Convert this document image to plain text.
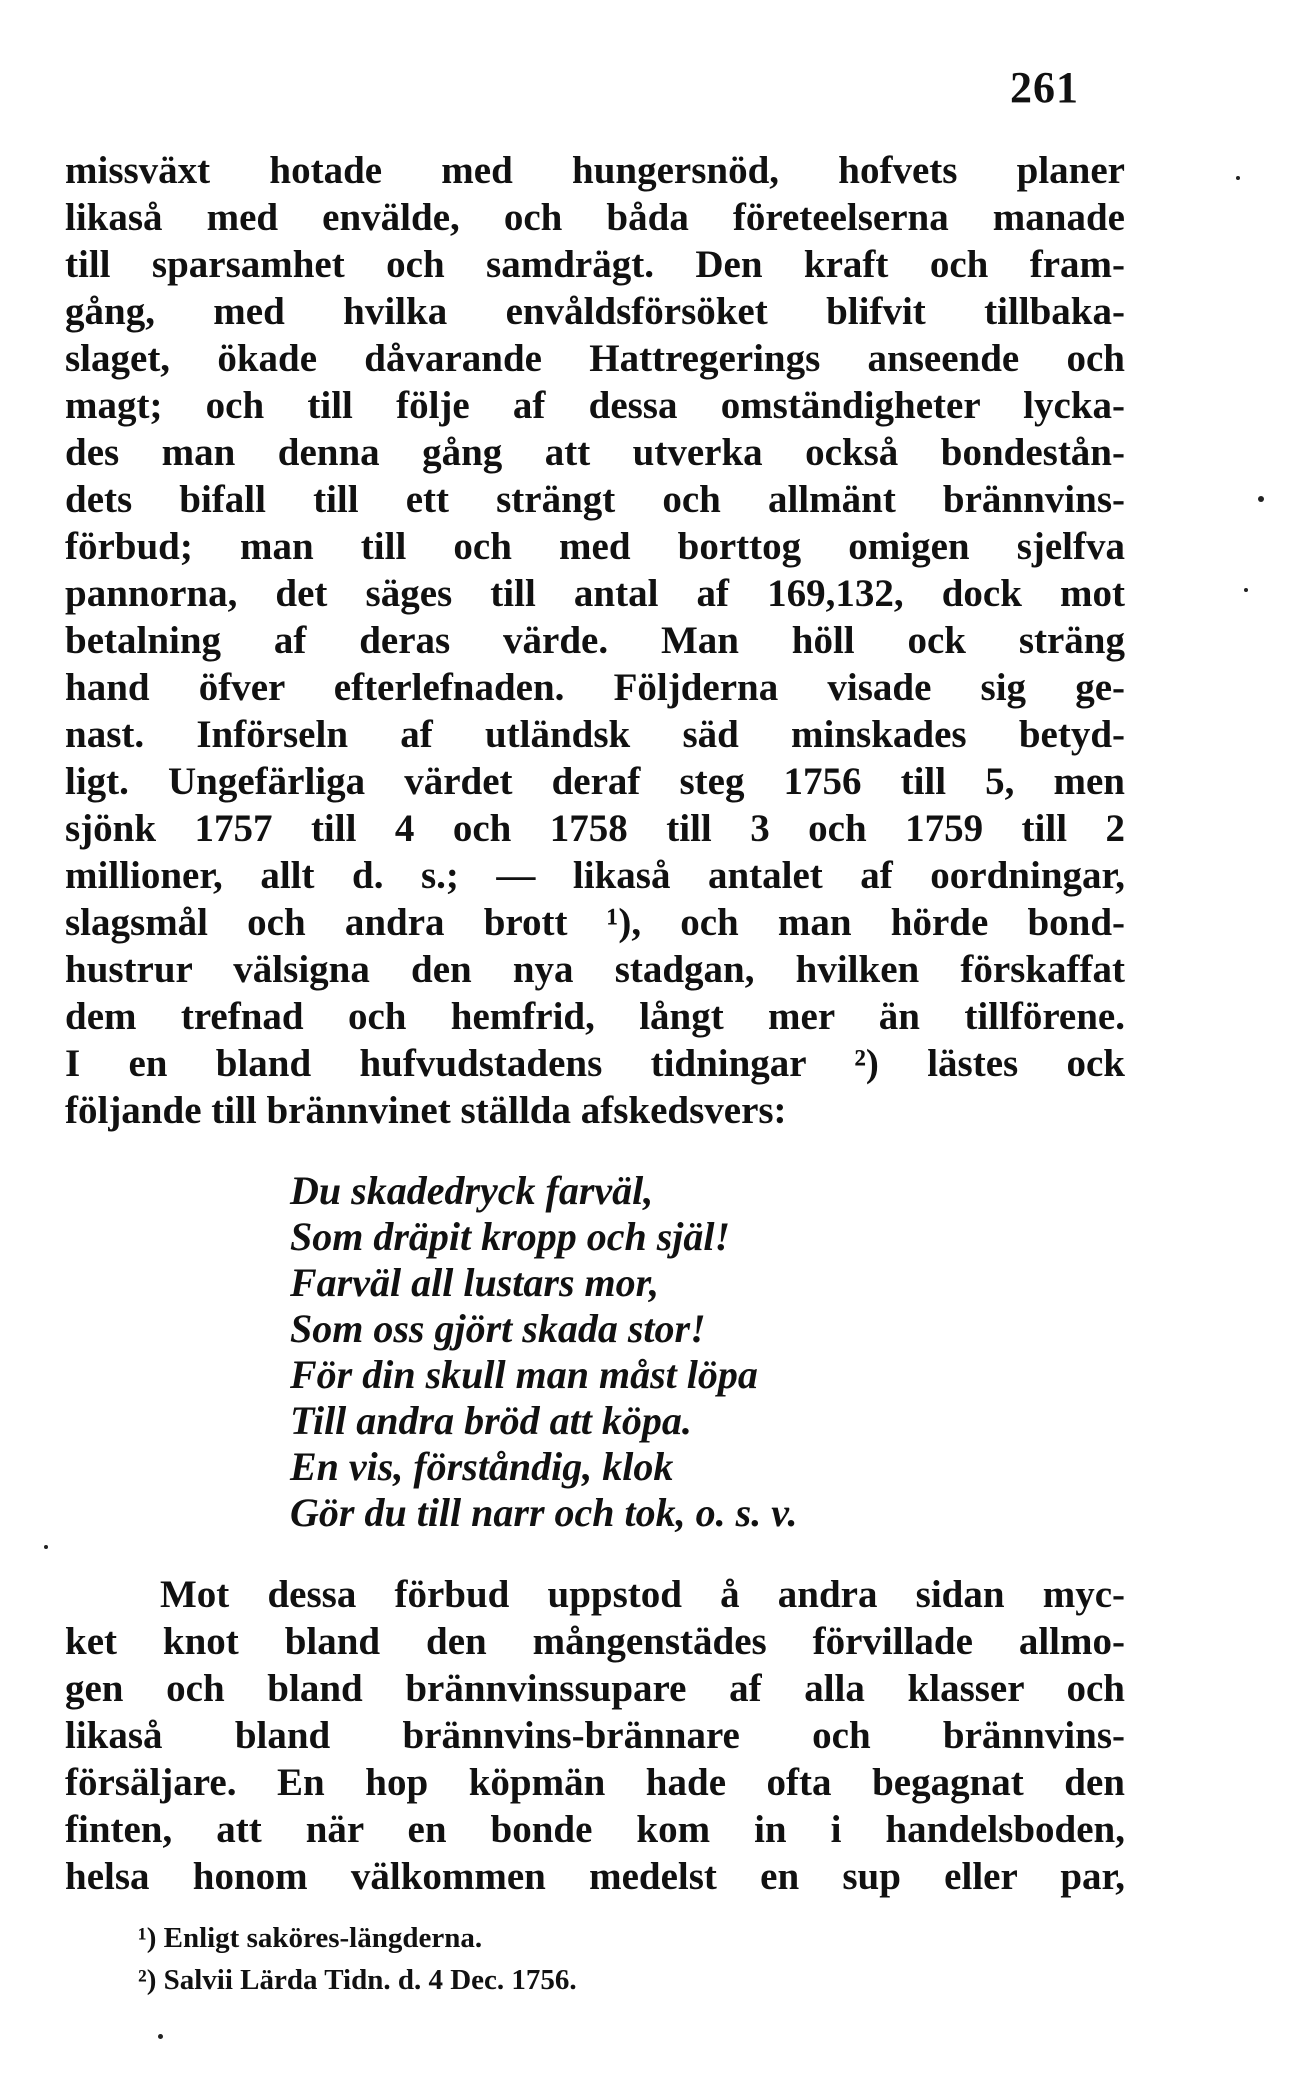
261
missväxt hotade med hungersnöd, hofvets planer
likaså med envälde, och båda företeelserna manade
till sparsamhet och samdrägt. Den kraft och fram-
gång, med hvilka envåldsförsöket blifvit tillbaka-
slaget, ökade dåvarande Hattregerings anseende och
magt; och till följe af dessa omständigheter lycka-
des man denna gång att utverka också bondestån-
dets bifall till ett strängt och allmänt brännvins-
förbud; man till och med borttog omigen sjelfva
pannorna, det säges till antal af 169,132, dock mot
betalning af deras värde. Man höll ock sträng
hand öfver efterlefnaden. Följderna visade sig ge-
nast. Införseln af utländsk säd minskades betyd-
ligt. Ungefärliga värdet deraf steg 1756 till 5, men
sjönk 1757 till 4 och 1758 till 3 och 1759 till 2
millioner, allt d. s.; — likaså antalet af oordningar,
slagsmål och andra brott ¹), och man hörde bond-
hustrur välsigna den nya stadgan, hvilken förskaffat
dem trefnad och hemfrid, långt mer än tillförene.
I en bland hufvudstadens tidningar ²) lästes ock
följande till brännvinet ställda afskedsvers:
Du skadedryck farväl,
Som dräpit kropp och själ!
Farväl all lustars mor,
Som oss gjört skada stor!
För din skull man måst löpa
Till andra bröd att köpa.
En vis, förståndig, klok
Gör du till narr och tok, o. s. v.
Mot dessa förbud uppstod å andra sidan myc-
ket knot bland den mångenstädes förvillade allmo-
gen och bland brännvinssupare af alla klasser och
likaså bland brännvins-brännare och brännvins-
försäljare. En hop köpmän hade ofta begagnat den
finten, att när en bonde kom in i handelsboden,
helsa honom välkommen medelst en sup eller par,
¹) Enligt saköres-längderna.
²) Salvii Lärda Tidn. d. 4 Dec. 1756.
